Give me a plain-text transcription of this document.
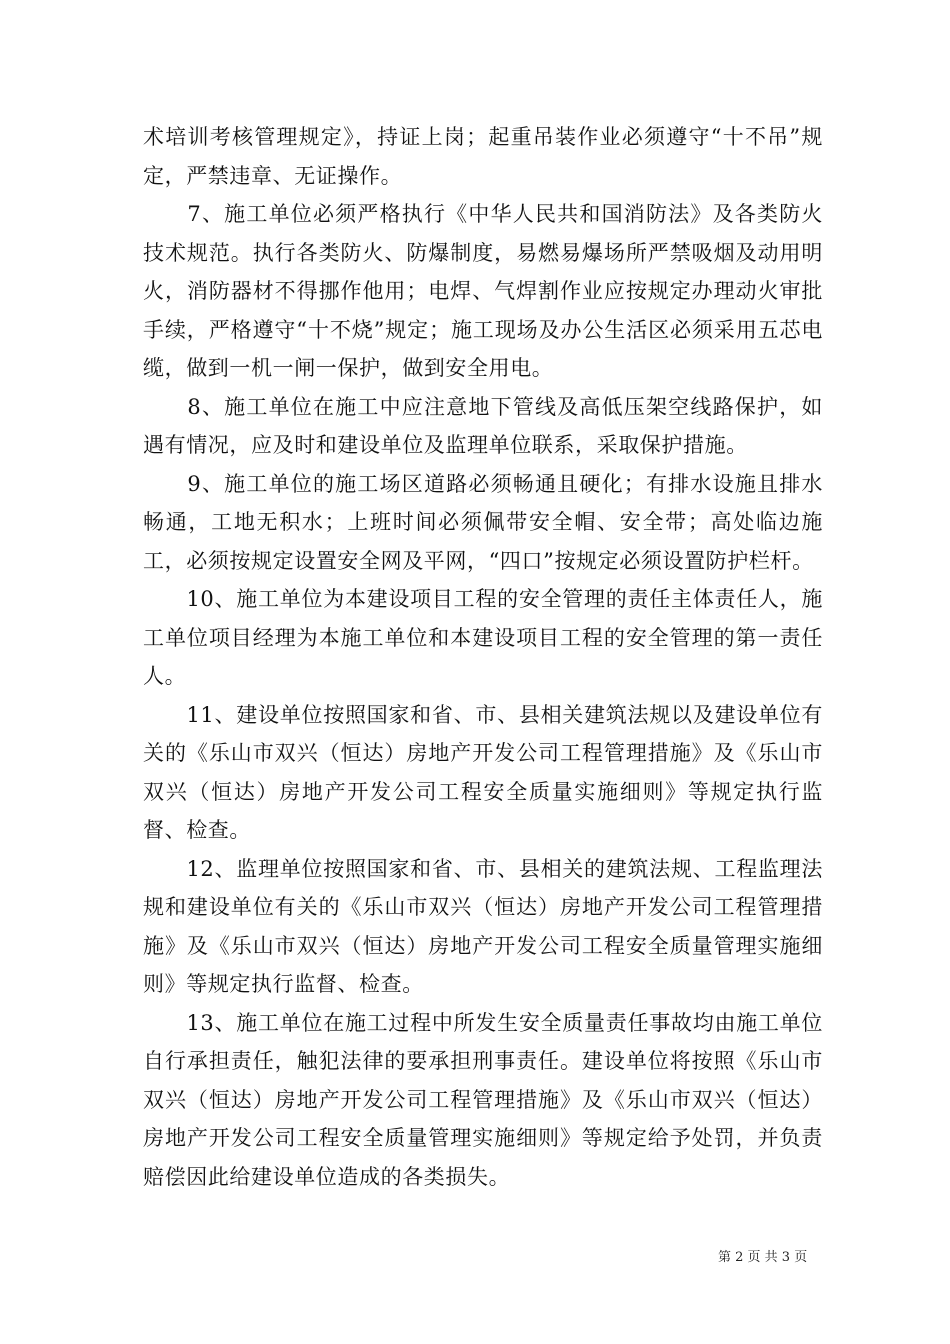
术培训考核管理规定》，持证上岗；起重吊装作业必须遵守“十不吊”规定，严禁违章、无证操作。

　　7、施工单位必须严格执行《中华人民共和国消防法》及各类防火技术规范。执行各类防火、防爆制度，易燃易爆场所严禁吸烟及动用明火，消防器材不得挪作他用；电焊、气焊割作业应按规定办理动火审批手续，严格遵守“十不烧”规定；施工现场及办公生活区必须采用五芯电缆，做到一机一闸一保护，做到安全用电。

　　8、施工单位在施工中应注意地下管线及高低压架空线路保护，如遇有情况，应及时和建设单位及监理单位联系，采取保护措施。

　　9、施工单位的施工场区道路必须畅通且硬化；有排水设施且排水畅通，工地无积水；上班时间必须佩带安全帽、安全带；高处临边施工，必须按规定设置安全网及平网，“四口”按规定必须设置防护栏杆。

　　10、施工单位为本建设项目工程的安全管理的责任主体责任人，施工单位项目经理为本施工单位和本建设项目工程的安全管理的第一责任人。

　　11、建设单位按照国家和省、市、县相关建筑法规以及建设单位有关的《乐山市双兴（恒达）房地产开发公司工程管理措施》及《乐山市双兴（恒达）房地产开发公司工程安全质量实施细则》等规定执行监督、检查。

　　12、监理单位按照国家和省、市、县相关的建筑法规、工程监理法规和建设单位有关的《乐山市双兴（恒达）房地产开发公司工程管理措施》及《乐山市双兴（恒达）房地产开发公司工程安全质量管理实施细则》等规定执行监督、检查。

　　13、施工单位在施工过程中所发生安全质量责任事故均由施工单位自行承担责任，触犯法律的要承担刑事责任。建设单位将按照《乐山市双兴（恒达）房地产开发公司工程管理措施》及《乐山市双兴（恒达）房地产开发公司工程安全质量管理实施细则》等规定给予处罚，并负责赔偿因此给建设单位造成的各类损失。

第 2 页 共 3 页
